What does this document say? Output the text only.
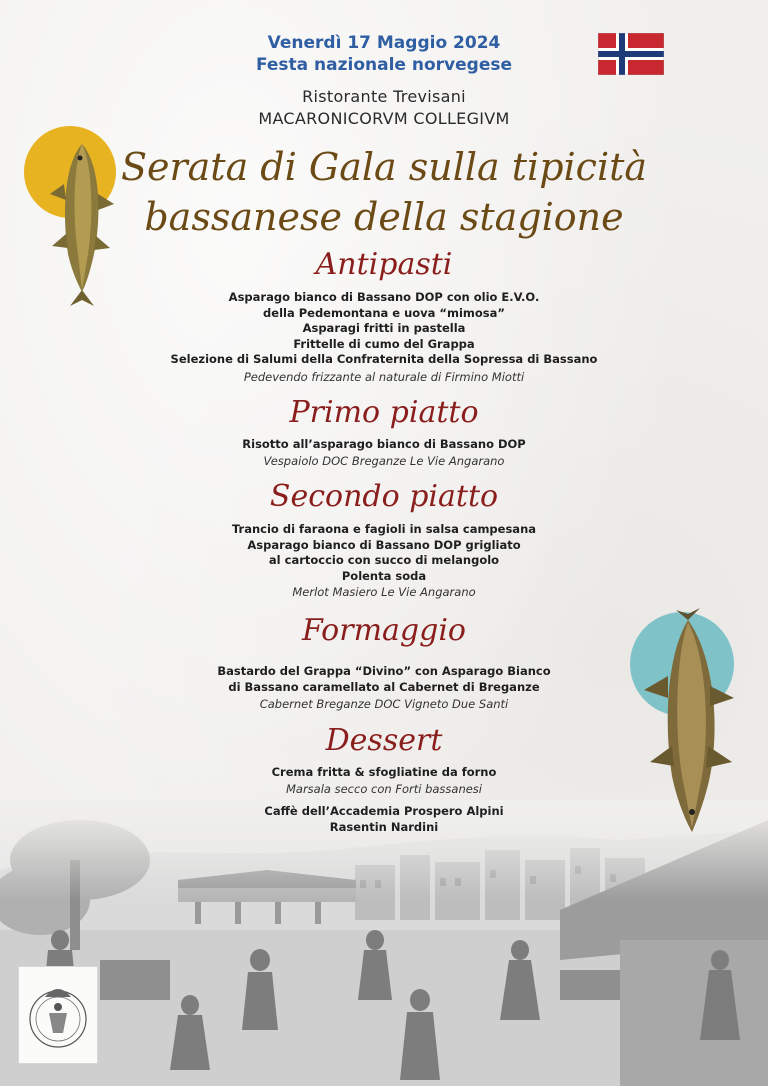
Venerdì 17 Maggio 2024
Festa nazionale norvegese
Ristorante Trevisani
MACARONICORVM COLLEGIVM
Serata di Gala sulla tipicità
bassanese della stagione
Antipasti
Asparago bianco di Bassano DOP con olio E.V.O.
della Pedemontana e uova “mimosa”
Asparagi fritti in pastella
Frittelle di cumo del Grappa
Selezione di Salumi della Confraternita della Sopressa di Bassano
Pedevendo frizzante al naturale di Firmino Miotti
Primo piatto
Risotto all’asparago bianco di Bassano DOP
Vespaiolo DOC Breganze Le Vie Angarano
Secondo piatto
Trancio di faraona e fagioli in salsa campesana
Asparago bianco di Bassano DOP grigliato
al cartoccio con succo di melangolo
Polenta soda
Merlot Masiero Le Vie Angarano
Formaggio
Bastardo del Grappa “Divino” con Asparago Bianco
di Bassano caramellato al Cabernet di Breganze
Cabernet Breganze DOC Vigneto Due Santi
Dessert
Crema fritta & sfogliatine da forno
Marsala secco con Forti bassanesi
Caffè dell’Accademia Prospero Alpini
Rasentin Nardini
